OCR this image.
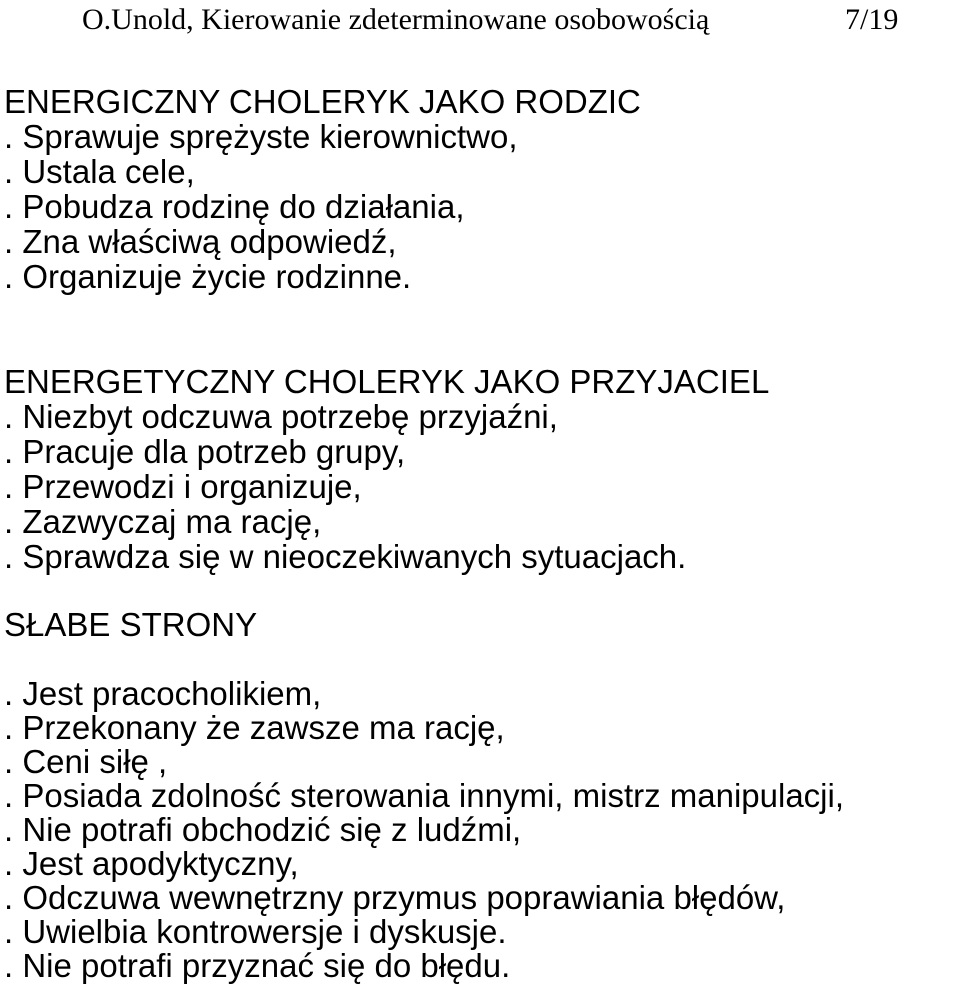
O.Unold, Kierowanie zdeterminowane osobowością	7/19
ENERGICZNY CHOLERYK JAKO RODZIC
. Sprawuje sprężyste kierownictwo,
. Ustala cele,
. Pobudza rodzinę do działania,
. Zna właściwą odpowiedź,
. Organizuje życie rodzinne.
ENERGETYCZNY CHOLERYK JAKO PRZYJACIEL
. Niezbyt odczuwa potrzebę przyjaźni,
. Pracuje dla potrzeb grupy,
. Przewodzi i organizuje,
. Zazwyczaj ma rację,
. Sprawdza się w nieoczekiwanych sytuacjach.
SŁABE STRONY
. Jest pracocholikiem,
. Przekonany że zawsze ma rację,
. Ceni siłę ,
. Posiada zdolność sterowania innymi, mistrz manipulacji,
. Nie potrafi obchodzić się z ludźmi,
. Jest apodyktyczny,
. Odczuwa wewnętrzny przymus poprawiania błędów,
. Uwielbia kontrowersje i dyskusje.
. Nie potrafi przyznać się do błędu.
